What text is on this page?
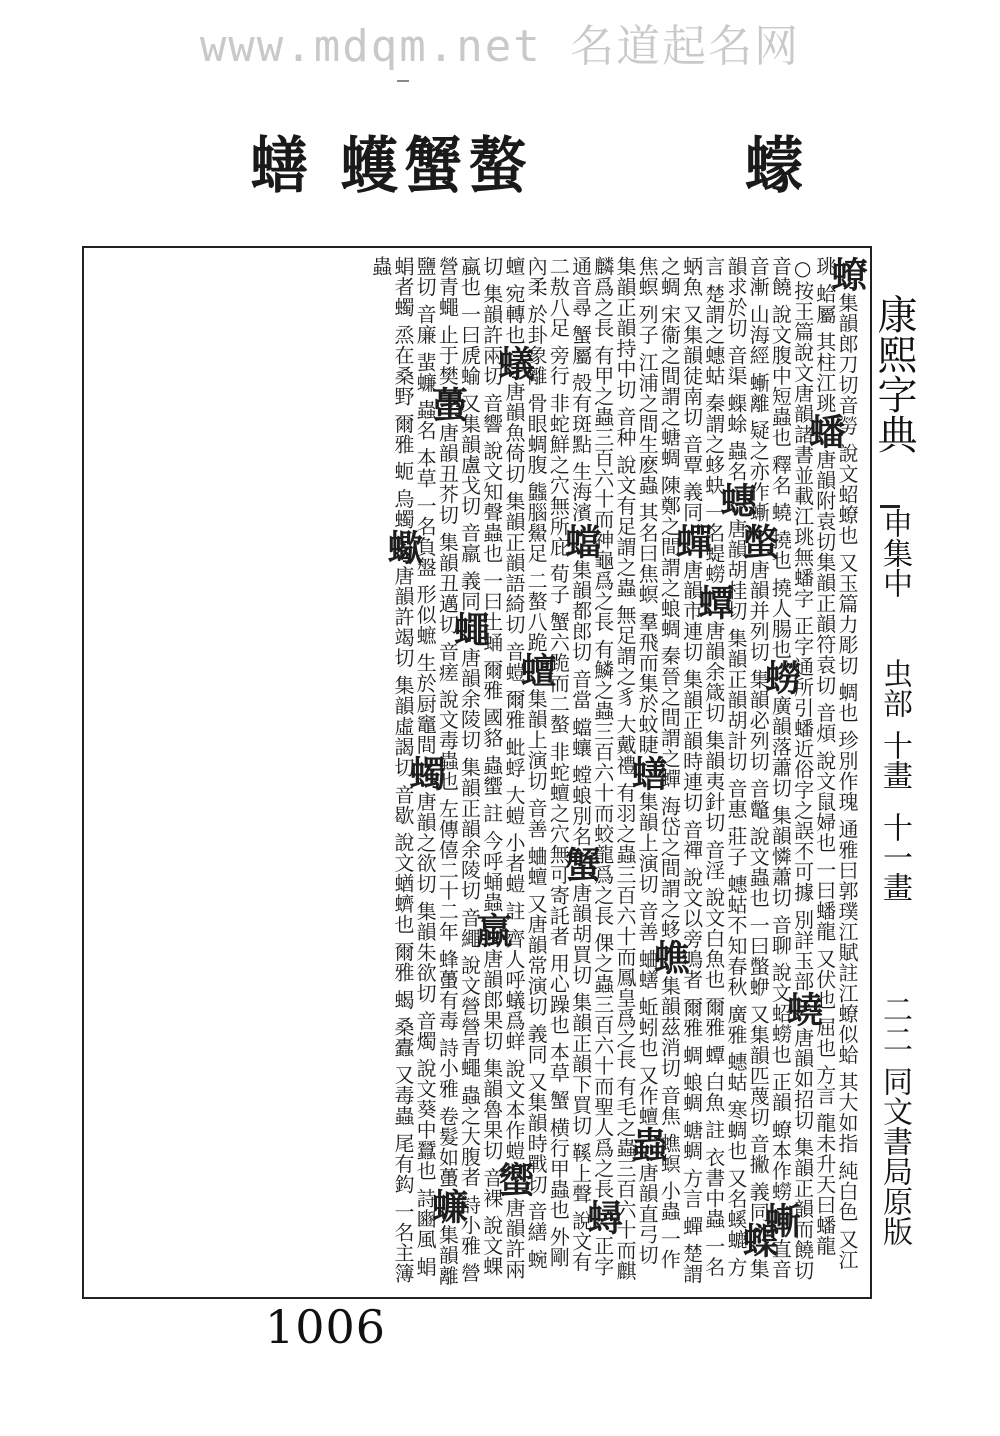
www.mdqm.net 名道起名网
蟮 蠖蟹螯	蠓
康熙字典
申集中
虫部
十畫
十一畫
二二
同文書局原版
蟟集韻郎刀切音勞 說文蛁蟟也 又玉篇力彫切 蜩也 珍別作瑰 通雅曰郭璞江賦註江蟟似蛤 其大如指 純白色 又江珧 蛤屬 其柱江珧蟠唐韻附袁切集韻正韻符袁切 音煩 說文鼠婦也 一曰蟠龍 又伏也 屈也 方言 龍未升天曰蟠龍 ○按王篇說文唐韻諸書並載江珧無蟠字 正字通所引蟠近俗字之誤不可據 別詳玉部蟯唐韻如招切 集韻正韻而饒切 音饒 說文腹中短蟲也 釋名 蟯 撓也 撓人腸也蟧廣韻落蕭切 集韻憐蕭切 音聊 說文蛁蟧也 正韻 蟟本作蟧螹直音音漸 山海經 螹離 疑之亦作螹蟞唐韻并列切 集韻必列切 音鼈 說文蟲也 一曰蟞蛜 又集韻匹蔑切 音撇 義同蟝集韻求於切 音渠 蟝蜍 蟲名蟪唐韻胡桂切 集韻正韻胡計切 音惠 莊子 蟪蛄不知春秋 廣雅 蟪蛄 寒蜩也 又名螇螰 方言 楚謂之蟪蛄 秦謂之蛥蚗 一名蝭蟧蟫唐韻余箴切 集韻夷針切 音淫 說文白魚也 爾雅 蟫 白魚 註 衣書中蟲 一名蛃魚 又集韻徒南切 音覃 義同蟬唐韻市連切 集韻正韻時連切 音禪 說文以旁鳴者 爾雅 蜩 蜋蜩 螗蜩 方言 蟬 楚謂之蜩 宋衞之間謂之螗蜩 陳鄭之間謂之蜋蜩 秦晉之間謂之蟬 海岱之間謂之蛥蟭集韻茲消切 音焦 蟭螟 小蟲 一作焦螟 列子 江浦之間生麽蟲 其名曰焦螟 羣飛而集於蚊睫蟮集韻上演切 音善 蛐蟮 蚯蚓也 又作蟺蟲唐韻直弓切 集韻正韻持中切 音种 說文有足謂之蟲 無足謂之豸 大戴禮 有羽之蟲三百六十而鳳皇爲之長 有毛之蟲三百六十而麒麟爲之長 有甲之蟲三百六十而神龜爲之長 有鱗之蟲三百六十而蛟龍爲之長 倮之蟲三百六十而聖人爲之長蟳正字通音尋 蟹屬 殻有斑點 生海濱蟷集韻都郎切 音當 蟷蠰 螳蜋別名蟹唐韻胡買切 集韻正韻下買切 鞵上聲 說文有二敖八足 旁行 非蛇鮮之穴無所庇 荀子 蟹六跪而二螯 非蛇蟺之穴無可寄託者 用心躁也 本草 蟹 横行甲蟲也 外剛內柔 於卦象離 骨眼蜩腹 䘅腦鱟足 二螯八跪蟺集韻上演切 音善 蛐蟺 又唐韻常演切 義同 又集韻時戰切 音繕 蜿蟺 宛轉也蟻唐韻魚倚切 集韻正韻語綺切 音螘 爾雅 蚍蜉 大螘 小者螘 註 齊人呼蟻爲蛘 說文本作螘蠁唐韻許兩切 集韻許兩切 音響 說文知聲蟲也 一曰土蛹 爾雅 國貉 蟲蠁 註 今呼蛹蟲蠃唐韻郎果切 集韻魯果切 音裸 說文蜾蠃也 一曰虒蝓 又集韻盧戈切 音羸 義同蠅唐韻余陵切 集韻正韻余陵切 音繩 說文營營青蠅 蟲之大腹者 詩小雅 營營青蠅 止于樊蠆唐韻丑芥切 集韻丑邁切 音瘥 說文毒蟲也 左傳僖二十二年 蜂蠆有毒 詩小雅 卷髮如蠆蠊集韻離鹽切 音廉 蜚蠊 蟲名 本草 一名負盤 形似蟅 生於厨竈間蠋唐韻之欲切 集韻朱欲切 音燭 說文葵中蠶也 詩豳風 蜎蜎者蠋 烝在桑野 爾雅 蚅 烏蠋蠍唐韻許竭切 集韻虛謁切 音歇 說文蝤蠐也 爾雅 蝎 桑蠹 又毒蟲 尾有鈎 一名主簿蟲
1006
